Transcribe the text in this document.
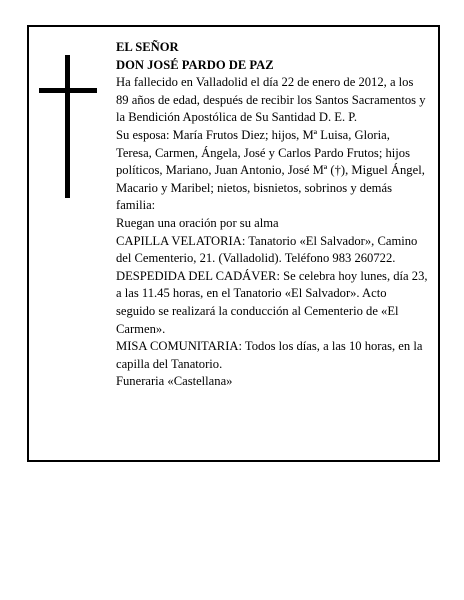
EL SEÑOR

DON JOSÉ PARDO DE PAZ

Ha fallecido en Valladolid el día 22 de enero de 2012, a los 89 años de edad, después de recibir los Santos Sacramentos y la Bendición Apostólica de Su Santidad D. E. P.

Su esposa: María Frutos Diez; hijos, Mª Luisa, Gloria, Teresa, Carmen, Ángela, José y Carlos Pardo Frutos; hijos políticos, Mariano, Juan Antonio, José Mª (†), Miguel Ángel, Macario y Maribel; nietos, bisnietos, sobrinos y demás familia:

Ruegan una oración por su alma

CAPILLA VELATORIA: Tanatorio «El Salvador», Camino del Cementerio, 21. (Valladolid). Teléfono 983 260722.

DESPEDIDA DEL CADÁVER: Se celebra hoy lunes, día 23, a las 11.45 horas, en el Tanatorio «El Salvador». Acto seguido se realizará la conducción al Cementerio de «El Carmen».

MISA COMUNITARIA: Todos los días, a las 10 horas, en la capilla del Tanatorio.

Funeraria «Castellana»
